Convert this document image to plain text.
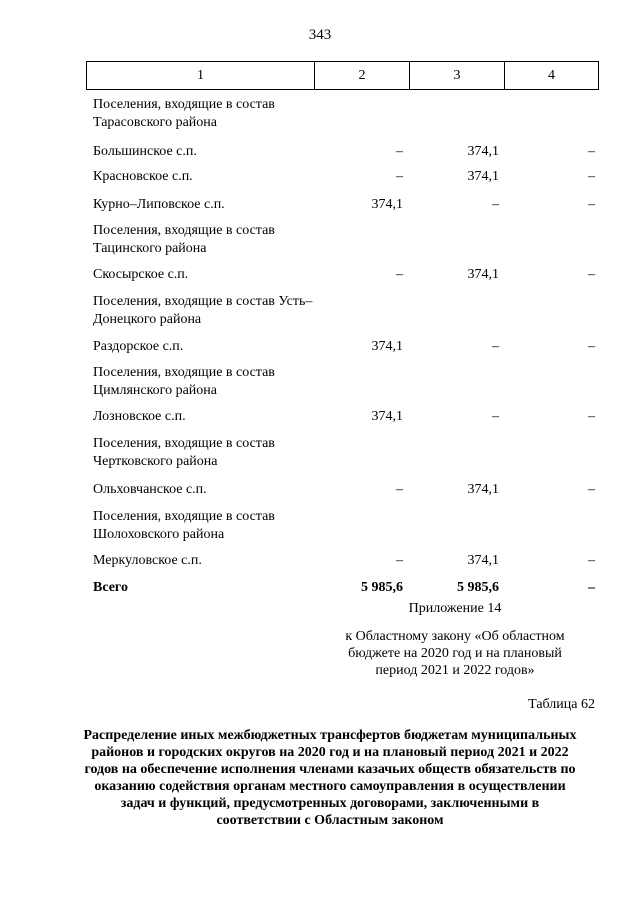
343
1	2	3	4
Поселения, входящие в состав Тарасовского района
Большинское с.п.	–	374,1	–
Красновское с.п.	–	374,1	–
Курно–Липовское с.п.	374,1	–	–
Поселения, входящие в состав Тацинского района
Скосырское с.п.	–	374,1	–
Поселения, входящие в состав Усть–Донецкого района
Раздорское с.п.	374,1	–	–
Поселения, входящие в состав Цимлянского района
Лозновское с.п.	374,1	–	–
Поселения, входящие в состав Чертковского района
Ольховчанское с.п.	–	374,1	–
Поселения, входящие в состав Шолоховского района
Меркуловское с.п.	–	374,1	–
Всего	5 985,6	5 985,6	–
Приложение 14
к Областному закону «Об областном бюджете на 2020 год и на плановый период 2021 и 2022 годов»
Таблица 62
Распределение иных межбюджетных трансфертов бюджетам муниципальных районов и городских округов на 2020 год и на плановый период 2021 и 2022 годов на обеспечение исполнения членами казачьих обществ обязательств по оказанию содействия органам местного самоуправления в осуществлении задач и функций, предусмотренных договорами, заключенными в соответствии с Областным законом
